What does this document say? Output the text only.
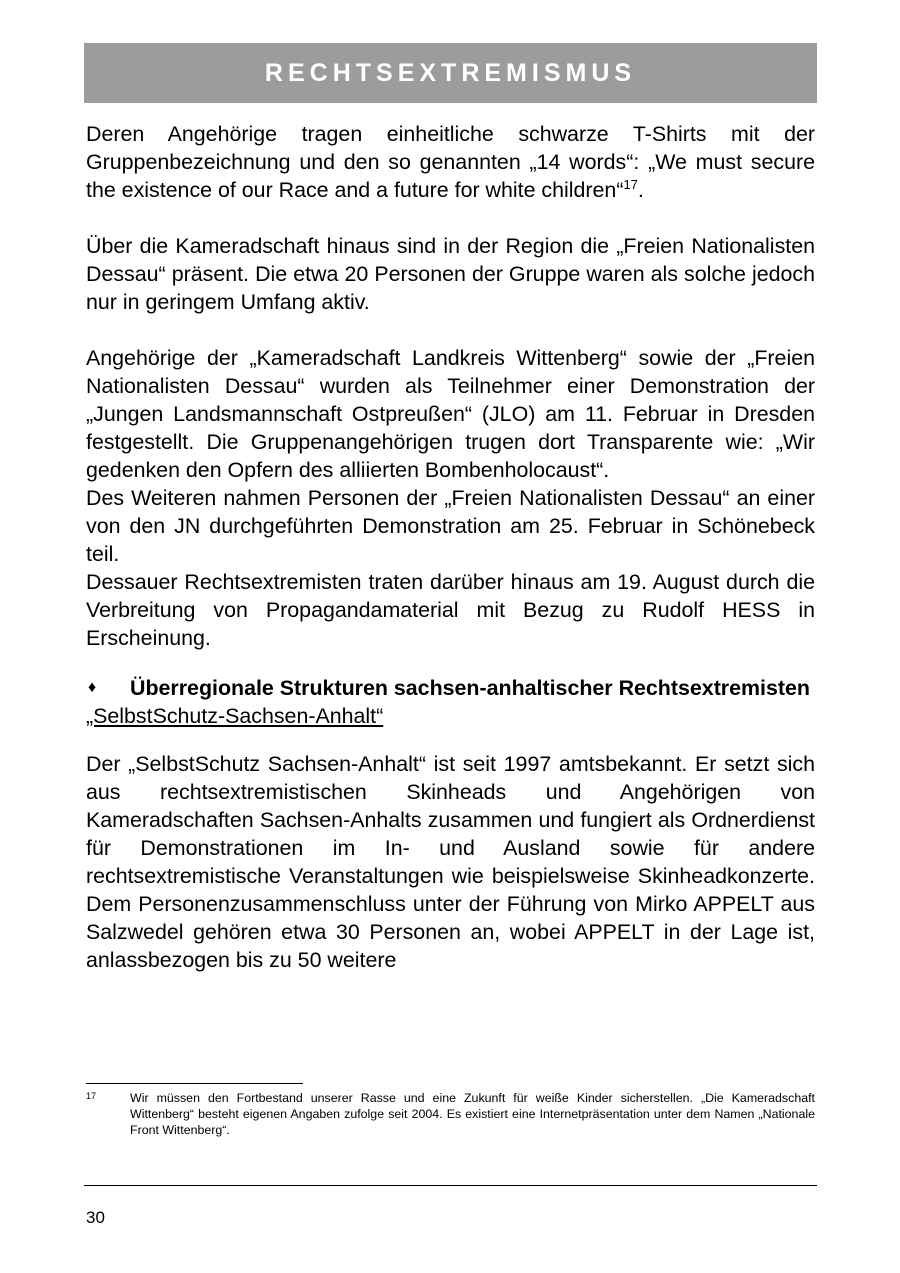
RECHTSEXTREMISMUS

Deren Angehörige tragen einheitliche schwarze T-Shirts mit der Gruppenbezeichnung und den so genannten „14 words“: „We must secure the existence of our Race and a future for white children“$^{17}$.

Über die Kameradschaft hinaus sind in der Region die „Freien Nationalisten Dessau“ präsent. Die etwa 20 Personen der Gruppe waren als solche jedoch nur in geringem Umfang aktiv.

Angehörige der „Kameradschaft Landkreis Wittenberg“ sowie der „Freien Nationalisten Dessau“ wurden als Teilnehmer einer Demonstration der „Jungen Landsmannschaft Ostpreußen“ (JLO) am 11. Februar in Dresden festgestellt. Die Gruppenangehörigen trugen dort Transparente wie: „Wir gedenken den Opfern des alliierten Bombenholocaust“.

Des Weiteren nahmen Personen der „Freien Nationalisten Dessau“ an einer von den JN durchgeführten Demonstration am 25. Februar in Schönebeck teil.

Dessauer Rechtsextremisten traten darüber hinaus am 19. August durch die Verbreitung von Propagandamaterial mit Bezug zu Rudolf HESS in Erscheinung.

♦	Überregionale Strukturen sachsen-anhaltischer Rechtsextremisten

„SelbstSchutz-Sachsen-Anhalt“

Der „SelbstSchutz Sachsen-Anhalt“ ist seit 1997 amtsbekannt. Er setzt sich aus rechtsextremistischen Skinheads und Angehörigen von Kameradschaften Sachsen-Anhalts zusammen und fungiert als Ordnerdienst für Demonstrationen im In- und Ausland sowie für andere rechtsextremistische Veranstaltungen wie beispielsweise Skinheadkonzerte. Dem Personenzusammenschluss unter der Führung von Mirko APPELT aus Salzwedel gehören etwa 30 Personen an, wobei APPELT in der Lage ist, anlassbezogen bis zu 50 weitere

17	Wir müssen den Fortbestand unserer Rasse und eine Zukunft für weiße Kinder sicherstellen. „Die Kameradschaft Wittenberg“ besteht eigenen Angaben zufolge seit 2004. Es existiert eine Internetpräsentation unter dem Namen „Nationale Front Wittenberg“.
30
